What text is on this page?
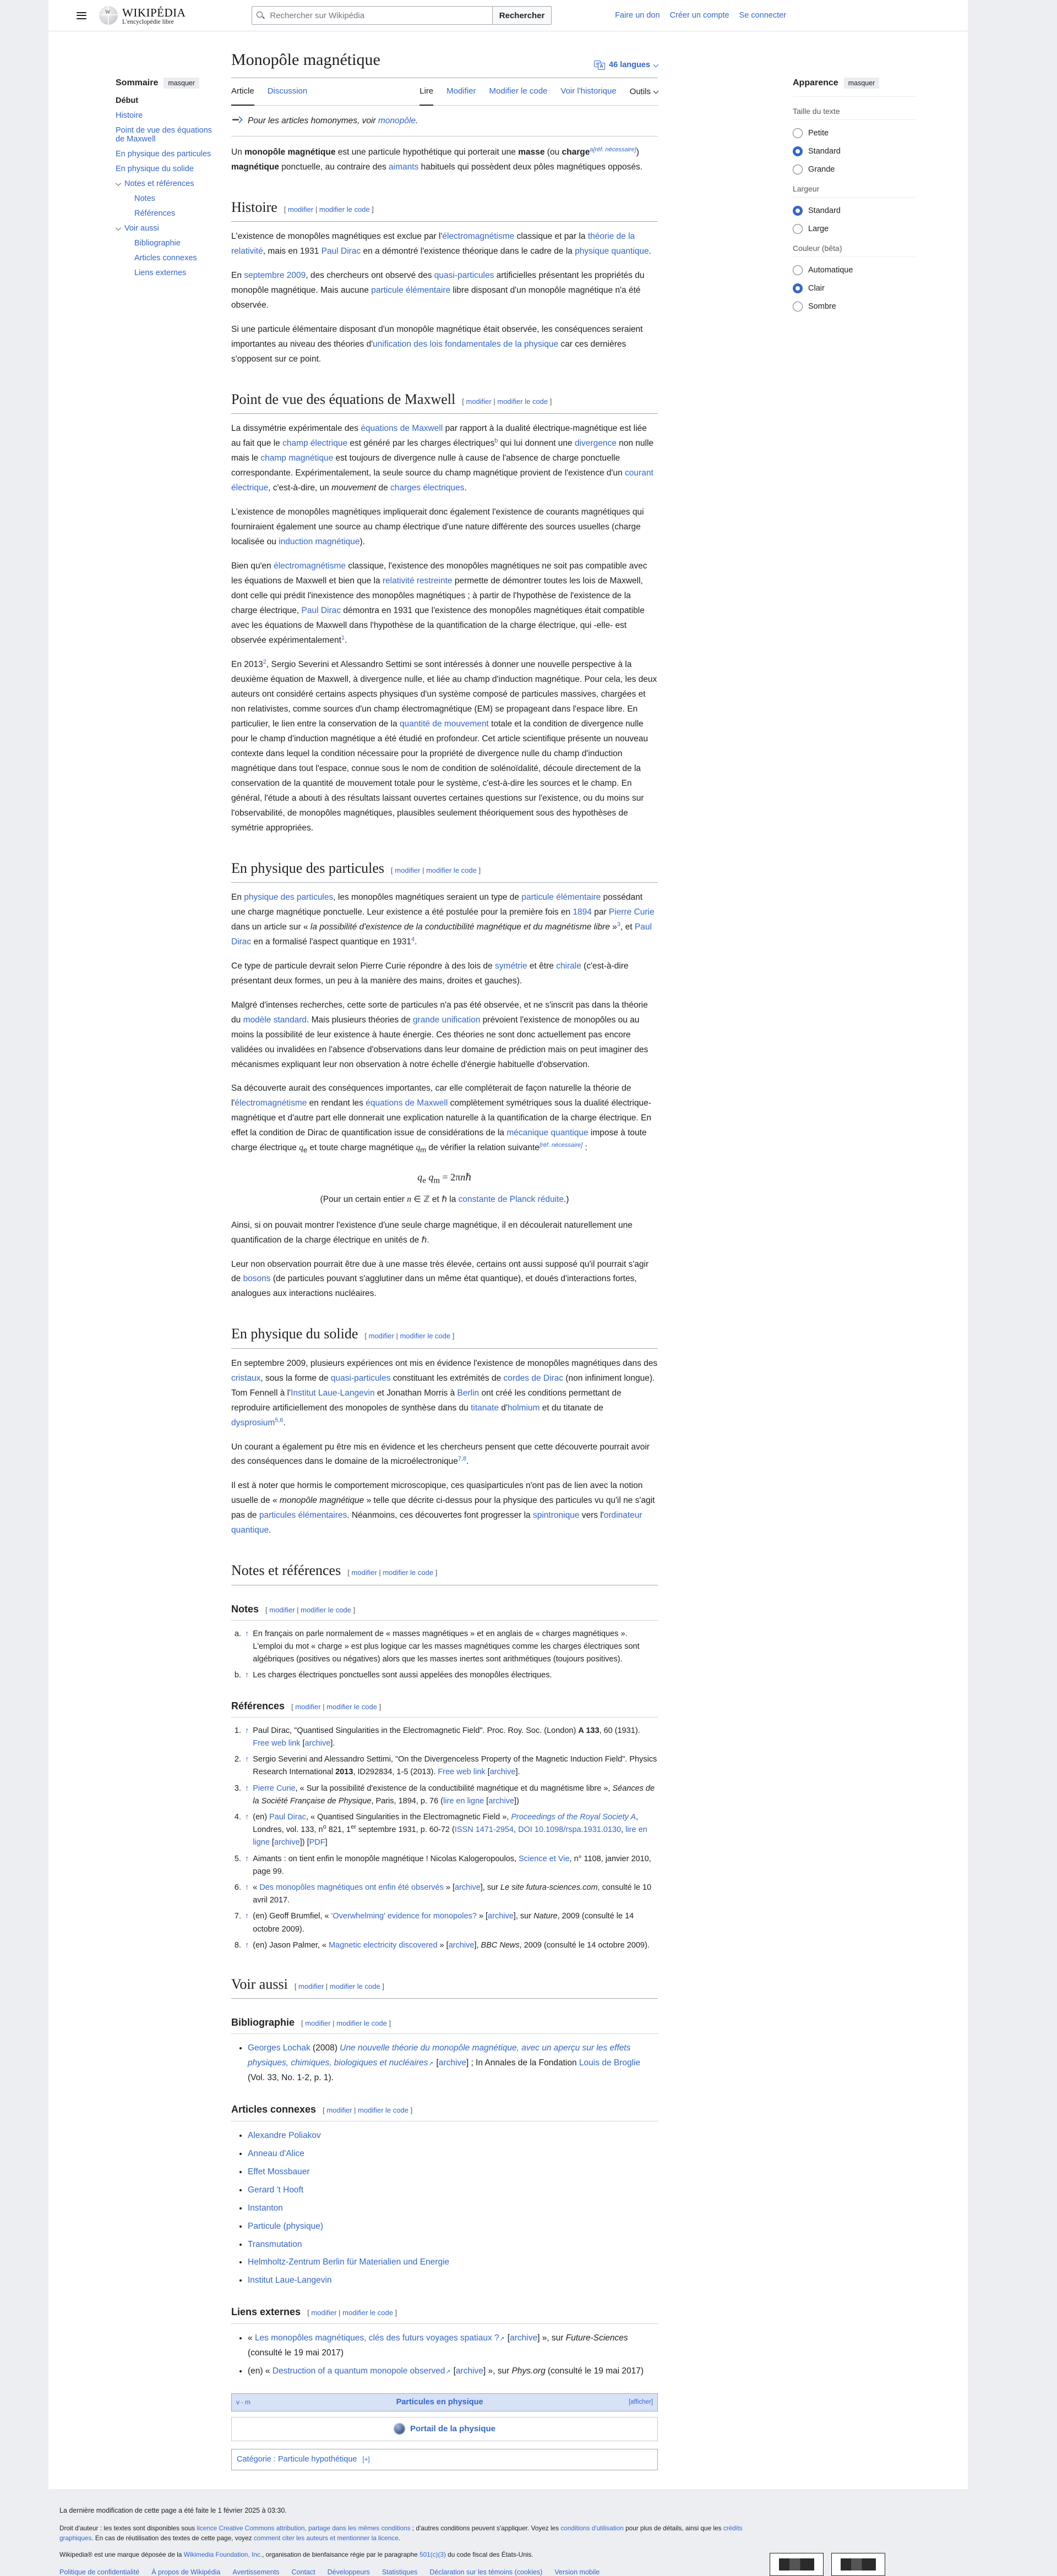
W
WIKIPÉDIA
L'encyclopédie libre
Rechercher sur Wikipédia
Rechercher	Faire un don Créer un compte Se connecter
Sommaire	masquer
Début
Histoire
Point de vue des équations de Maxwell
En physique des particules
En physique du solide
Notes et références
Notes
Références
Voir aussi
Bibliographie
Articles connexes
Liens externes
Monopôle magnétique	A 46 langues
Article Discussion	Lire Modifier Modifier le code Voir l'historique Outils
Pour les articles homonymes, voir monopôle.

Un monopôle magnétique est une particule hypothétique qui porterait une masse (ou charge$^{a[réf. nécessaire]}$) magnétique ponctuelle, au contraire des aimants habituels qui possèdent deux pôles magnétiques opposés.

Histoire [ modifier | modifier le code ]

L'existence de monopôles magnétiques est exclue par l'électromagnétisme classique et par la théorie de la relativité, mais en 1931 Paul Dirac en a démontré l'existence théorique dans le cadre de la physique quantique.

En septembre 2009, des chercheurs ont observé des quasi-particules artificielles présentant les propriétés du monopôle magnétique. Mais aucune particule élémentaire libre disposant d'un monopôle magnétique n'a été observée.

Si une particule élémentaire disposant d'un monopôle magnétique était observée, les conséquences seraient importantes au niveau des théories d'unification des lois fondamentales de la physique car ces dernières s'opposent sur ce point.

Point de vue des équations de Maxwell [ modifier | modifier le code ]

La dissymétrie expérimentale des équations de Maxwell par rapport à la dualité électrique-magnétique est liée au fait que le champ électrique est généré par les charges électriques$^b$ qui lui donnent une divergence non nulle mais le champ magnétique est toujours de divergence nulle à cause de l'absence de charge ponctuelle correspondante. Expérimentalement, la seule source du champ magnétique provient de l'existence d'un courant électrique, c'est-à-dire, un mouvement de charges électriques.

L'existence de monopôles magnétiques impliquerait donc également l'existence de courants magnétiques qui fourniraient également une source au champ électrique d'une nature différente des sources usuelles (charge localisée ou induction magnétique).

Bien qu'en électromagnétisme classique, l'existence des monopôles magnétiques ne soit pas compatible avec les équations de Maxwell et bien que la relativité restreinte permette de démontrer toutes les lois de Maxwell, dont celle qui prédit l'inexistence des monopôles magnétiques ; à partir de l'hypothèse de l'existence de la charge électrique, Paul Dirac démontra en 1931 que l'existence des monopôles magnétiques était compatible avec les équations de Maxwell dans l'hypothèse de la quantification de la charge électrique, qui -elle- est observée expérimentalement$^1$.

En 2013$^2$, Sergio Severini et Alessandro Settimi se sont intéressés à donner une nouvelle perspective à la deuxième équation de Maxwell, à divergence nulle, et liée au champ d'induction magnétique. Pour cela, les deux auteurs ont considéré certains aspects physiques d'un système composé de particules massives, chargées et non relativistes, comme sources d'un champ électromagnétique (EM) se propageant dans l'espace libre. En particulier, le lien entre la conservation de la quantité de mouvement totale et la condition de divergence nulle pour le champ d'induction magnétique a été étudié en profondeur. Cet article scientifique présente un nouveau contexte dans lequel la condition nécessaire pour la propriété de divergence nulle du champ d'induction magnétique dans tout l'espace, connue sous le nom de condition de solénoïdalité, découle directement de la conservation de la quantité de mouvement totale pour le système, c'est-à-dire les sources et le champ. En général, l'étude a abouti à des résultats laissant ouvertes certaines questions sur l'existence, ou du moins sur l'observabilité, de monopôles magnétiques, plausibles seulement théoriquement sous des hypothèses de symétrie appropriées.

En physique des particules [ modifier | modifier le code ]

En physique des particules, les monopôles magnétiques seraient un type de particule élémentaire possédant une charge magnétique ponctuelle. Leur existence a été postulée pour la première fois en 1894 par Pierre Curie dans un article sur « la possibilité d'existence de la conductibilité magnétique et du magnétisme libre »$^3$, et Paul Dirac en a formalisé l'aspect quantique en 1931$^4$.

Ce type de particule devrait selon Pierre Curie répondre à des lois de symétrie et être chirale (c'est-à-dire présentant deux formes, un peu à la manière des mains, droites et gauches).

Malgré d'intenses recherches, cette sorte de particules n'a pas été observée, et ne s'inscrit pas dans la théorie du modèle standard. Mais plusieurs théories de grande unification prévoient l'existence de monopôles ou au moins la possibilité de leur existence à haute énergie. Ces théories ne sont donc actuellement pas encore validées ou invalidées en l'absence d'observations dans leur domaine de prédiction mais on peut imaginer des mécanismes expliquant leur non observation à notre échelle d'énergie habituelle d'observation.

Sa découverte aurait des conséquences importantes, car elle compléterait de façon naturelle la théorie de l'électromagnétisme en rendant les équations de Maxwell complètement symétriques sous la dualité électrique-magnétique et d'autre part elle donnerait une explication naturelle à la quantification de la charge électrique. En effet la condition de Dirac de quantification issue de considérations de la mécanique quantique impose à toute charge électrique $q_e$ et toute charge magnétique $q_m$ de vérifier la relation suivante[réf. nécessaire] :

$q_e$ $q_m$ = 2πnℏ
(Pour un certain entier n ∈ ℤ et ℏ la constante de Planck réduite.)

Ainsi, si on pouvait montrer l'existence d'une seule charge magnétique, il en découlerait naturellement une quantification de la charge électrique en unités de ℏ.

Leur non observation pourrait être due à une masse très élevée, certains ont aussi supposé qu'il pourrait s'agir de bosons (de particules pouvant s'agglutiner dans un même état quantique), et doués d'interactions fortes, analogues aux interactions nucléaires.

En physique du solide [ modifier | modifier le code ]

En septembre 2009, plusieurs expériences ont mis en évidence l'existence de monopôles magnétiques dans des cristaux, sous la forme de quasi-particules constituant les extrémités de cordes de Dirac (non infiniment longue). Tom Fennell à l'Institut Laue-Langevin et Jonathan Morris à Berlin ont créé les conditions permettant de reproduire artificiellement des monopoles de synthèse dans du titanate d'holmium et du titanate de dysprosium$^{5,6}$.

Un courant a également pu être mis en évidence et les chercheurs pensent que cette découverte pourrait avoir des conséquences dans le domaine de la microélectronique$^{7,8}$.

Il est à noter que hormis le comportement microscopique, ces quasiparticules n'ont pas de lien avec la notion usuelle de « monopôle magnétique » telle que décrite ci-dessus pour la physique des particules vu qu'il ne s'agit pas de particules élémentaires. Néanmoins, ces découvertes font progresser la spintronique vers l'ordinateur quantique.

Notes et références [ modifier | modifier le code ]
Notes [ modifier | modifier le code ]
a. ↑ En français on parle normalement de « masses magnétiques » et en anglais de « charges magnétiques ». L'emploi du mot « charge » est plus logique car les masses magnétiques comme les charges électriques sont algébriques (positives ou négatives) alors que les masses inertes sont arithmétiques (toujours positives).
b. ↑ Les charges électriques ponctuelles sont aussi appelées des monopôles électriques.
Références [ modifier | modifier le code ]
1. ↑ Paul Dirac, "Quantised Singularities in the Electromagnetic Field". Proc. Roy. Soc. (London) A 133, 60 (1931). Free web link [archive].
2. ↑ Sergio Severini and Alessandro Settimi, "On the Divergenceless Property of the Magnetic Induction Field". Physics Research International 2013, ID292834, 1-5 (2013). Free web link [archive].
3. ↑ Pierre Curie, « Sur la possibilité d'existence de la conductibilité magnétique et du magnétisme libre », Séances de la Société Française de Physique, Paris, 1894, p. 76 (lire en ligne [archive])
4. ↑ (en) Paul Dirac, « Quantised Singularities in the Electromagnetic Field », Proceedings of the Royal Society A, Londres, vol. 133, $n^o$ 821, 1er septembre 1931, p. 60-72 (ISSN 1471-2954, DOI 10.1098/rspa.1931.0130, lire en ligne [archive]) [PDF]
5. ↑ Aimants : on tient enfin le monopôle magnétique ! Nicolas Kalogeropoulos, Science et Vie, n° 1108, janvier 2010, page 99.
6. ↑ « Des monopôles magnétiques ont enfin été observés » [archive], sur Le site futura-sciences.com, consulté le 10 avril 2017.
7. ↑ (en) Geoff Brumfiel, « 'Overwhelming' evidence for monopoles? » [archive], sur Nature, 2009 (consulté le 14 octobre 2009).
8. ↑ (en) Jason Palmer, « Magnetic electricity discovered » [archive], BBC News, 2009 (consulté le 14 octobre 2009).
Voir aussi [ modifier | modifier le code ]
Bibliographie [ modifier | modifier le code ]
• Georges Lochak (2008) Une nouvelle théorie du monopôle magnétique, avec un aperçu sur les effets physiques, chimiques, biologiques et nucléaires↗ [archive] ; In Annales de la Fondation Louis de Broglie (Vol. 33, No. 1-2, p. 1).
Articles connexes [ modifier | modifier le code ]
• Alexandre Poliakov
• Anneau d'Alice
• Effet Mossbauer
• Gerard 't Hooft
• Instanton
• Particule (physique)
• Transmutation
• Helmholtz-Zentrum Berlin für Materialien und Energie
• Institut Laue-Langevin
Liens externes [ modifier | modifier le code ]
• « Les monopôles magnétiques, clés des futurs voyages spatiaux ?↗ [archive] », sur Future-Sciences (consulté le 19 mai 2017)
• (en) « Destruction of a quantum monopole observed↗ [archive] », sur Phys.org (consulté le 19 mai 2017)
v · m	Particules en physique	[afficher]
Portail de la physique
Catégorie : Particule hypothétique [+]
Apparence	masquer
Taille du texte
Petite
Standard
Grande
Largeur
Standard
Large
Couleur (bêta)
Automatique
Clair
Sombre

La dernière modification de cette page a été faite le 1 février 2025 à 03:30.

Droit d'auteur : les textes sont disponibles sous licence Creative Commons attribution, partage dans les mêmes conditions ; d'autres conditions peuvent s'appliquer. Voyez les conditions d'utilisation pour plus de détails, ainsi que les crédits graphiques. En cas de réutilisation des textes de cette page, voyez comment citer les auteurs et mentionner la licence.

Wikipedia® est une marque déposée de la Wikimedia Foundation, Inc., organisation de bienfaisance régie par le paragraphe 501(c)(3) du code fiscal des États-Unis.

Politique de confidentialité À propos de Wikipédia Avertissements Contact Développeurs Statistiques Déclaration sur les témoins (cookies) Version mobile
